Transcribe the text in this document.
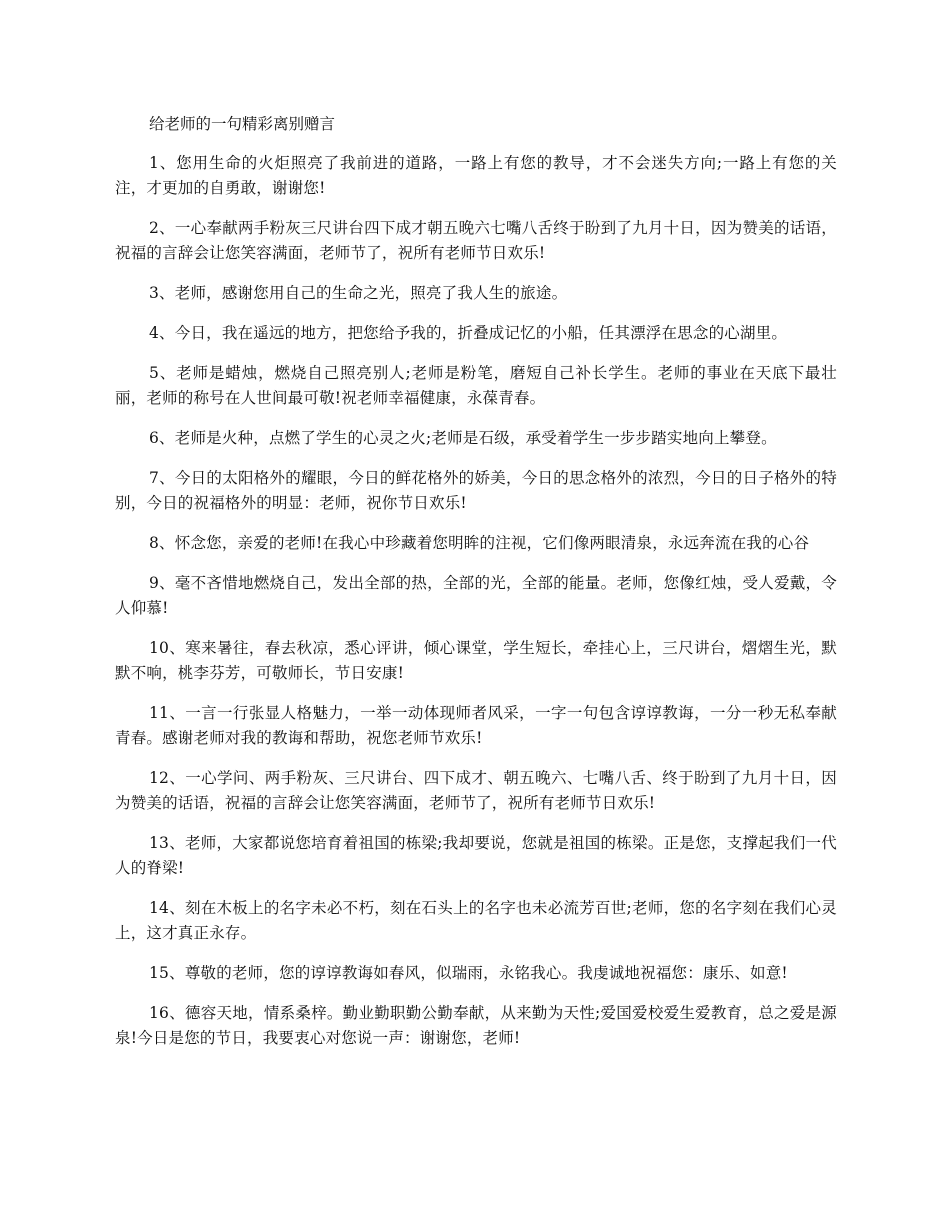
给老师的一句精彩离别赠言

1、您用生命的火炬照亮了我前进的道路，一路上有您的教导，才不会迷失方向;一路上有您的关注，才更加的自勇敢，谢谢您!

2、一心奉献两手粉灰三尺讲台四下成才朝五晚六七嘴八舌终于盼到了九月十日，因为赞美的话语，祝福的言辞会让您笑容满面，老师节了，祝所有老师节日欢乐!

3、老师，感谢您用自己的生命之光，照亮了我人生的旅途。

4、今日，我在遥远的地方，把您给予我的，折叠成记忆的小船，任其漂浮在思念的心湖里。

5、老师是蜡烛，燃烧自己照亮别人;老师是粉笔，磨短自己补长学生。老师的事业在天底下最壮丽，老师的称号在人世间最可敬!祝老师幸福健康，永葆青春。

6、老师是火种，点燃了学生的心灵之火;老师是石级，承受着学生一步步踏实地向上攀登。

7、今日的太阳格外的耀眼，今日的鲜花格外的娇美，今日的思念格外的浓烈，今日的日子格外的特别，今日的祝福格外的明显：老师，祝你节日欢乐!

8、怀念您，亲爱的老师!在我心中珍藏着您明眸的注视，它们像两眼清泉，永远奔流在我的心谷

9、毫不吝惜地燃烧自己，发出全部的热，全部的光，全部的能量。老师，您像红烛，受人爱戴，令人仰慕!

10、寒来暑往，春去秋凉，悉心评讲，倾心课堂，学生短长，牵挂心上，三尺讲台，熠熠生光，默默不响，桃李芬芳，可敬师长，节日安康!

11、一言一行张显人格魅力，一举一动体现师者风采，一字一句包含谆谆教诲，一分一秒无私奉献青春。感谢老师对我的教诲和帮助，祝您老师节欢乐!

12、一心学问、两手粉灰、三尺讲台、四下成才、朝五晚六、七嘴八舌、终于盼到了九月十日，因为赞美的话语，祝福的言辞会让您笑容满面，老师节了，祝所有老师节日欢乐!

13、老师，大家都说您培育着祖国的栋梁;我却要说，您就是祖国的栋梁。正是您，支撑起我们一代人的脊梁!

14、刻在木板上的名字未必不朽，刻在石头上的名字也未必流芳百世;老师，您的名字刻在我们心灵上，这才真正永存。

15、尊敬的老师，您的谆谆教诲如春风，似瑞雨，永铭我心。我虔诚地祝福您：康乐、如意!

16、德容天地，情系桑梓。勤业勤职勤公勤奉献，从来勤为天性;爱国爱校爱生爱教育，总之爱是源泉!今日是您的节日，我要衷心对您说一声：谢谢您，老师!
